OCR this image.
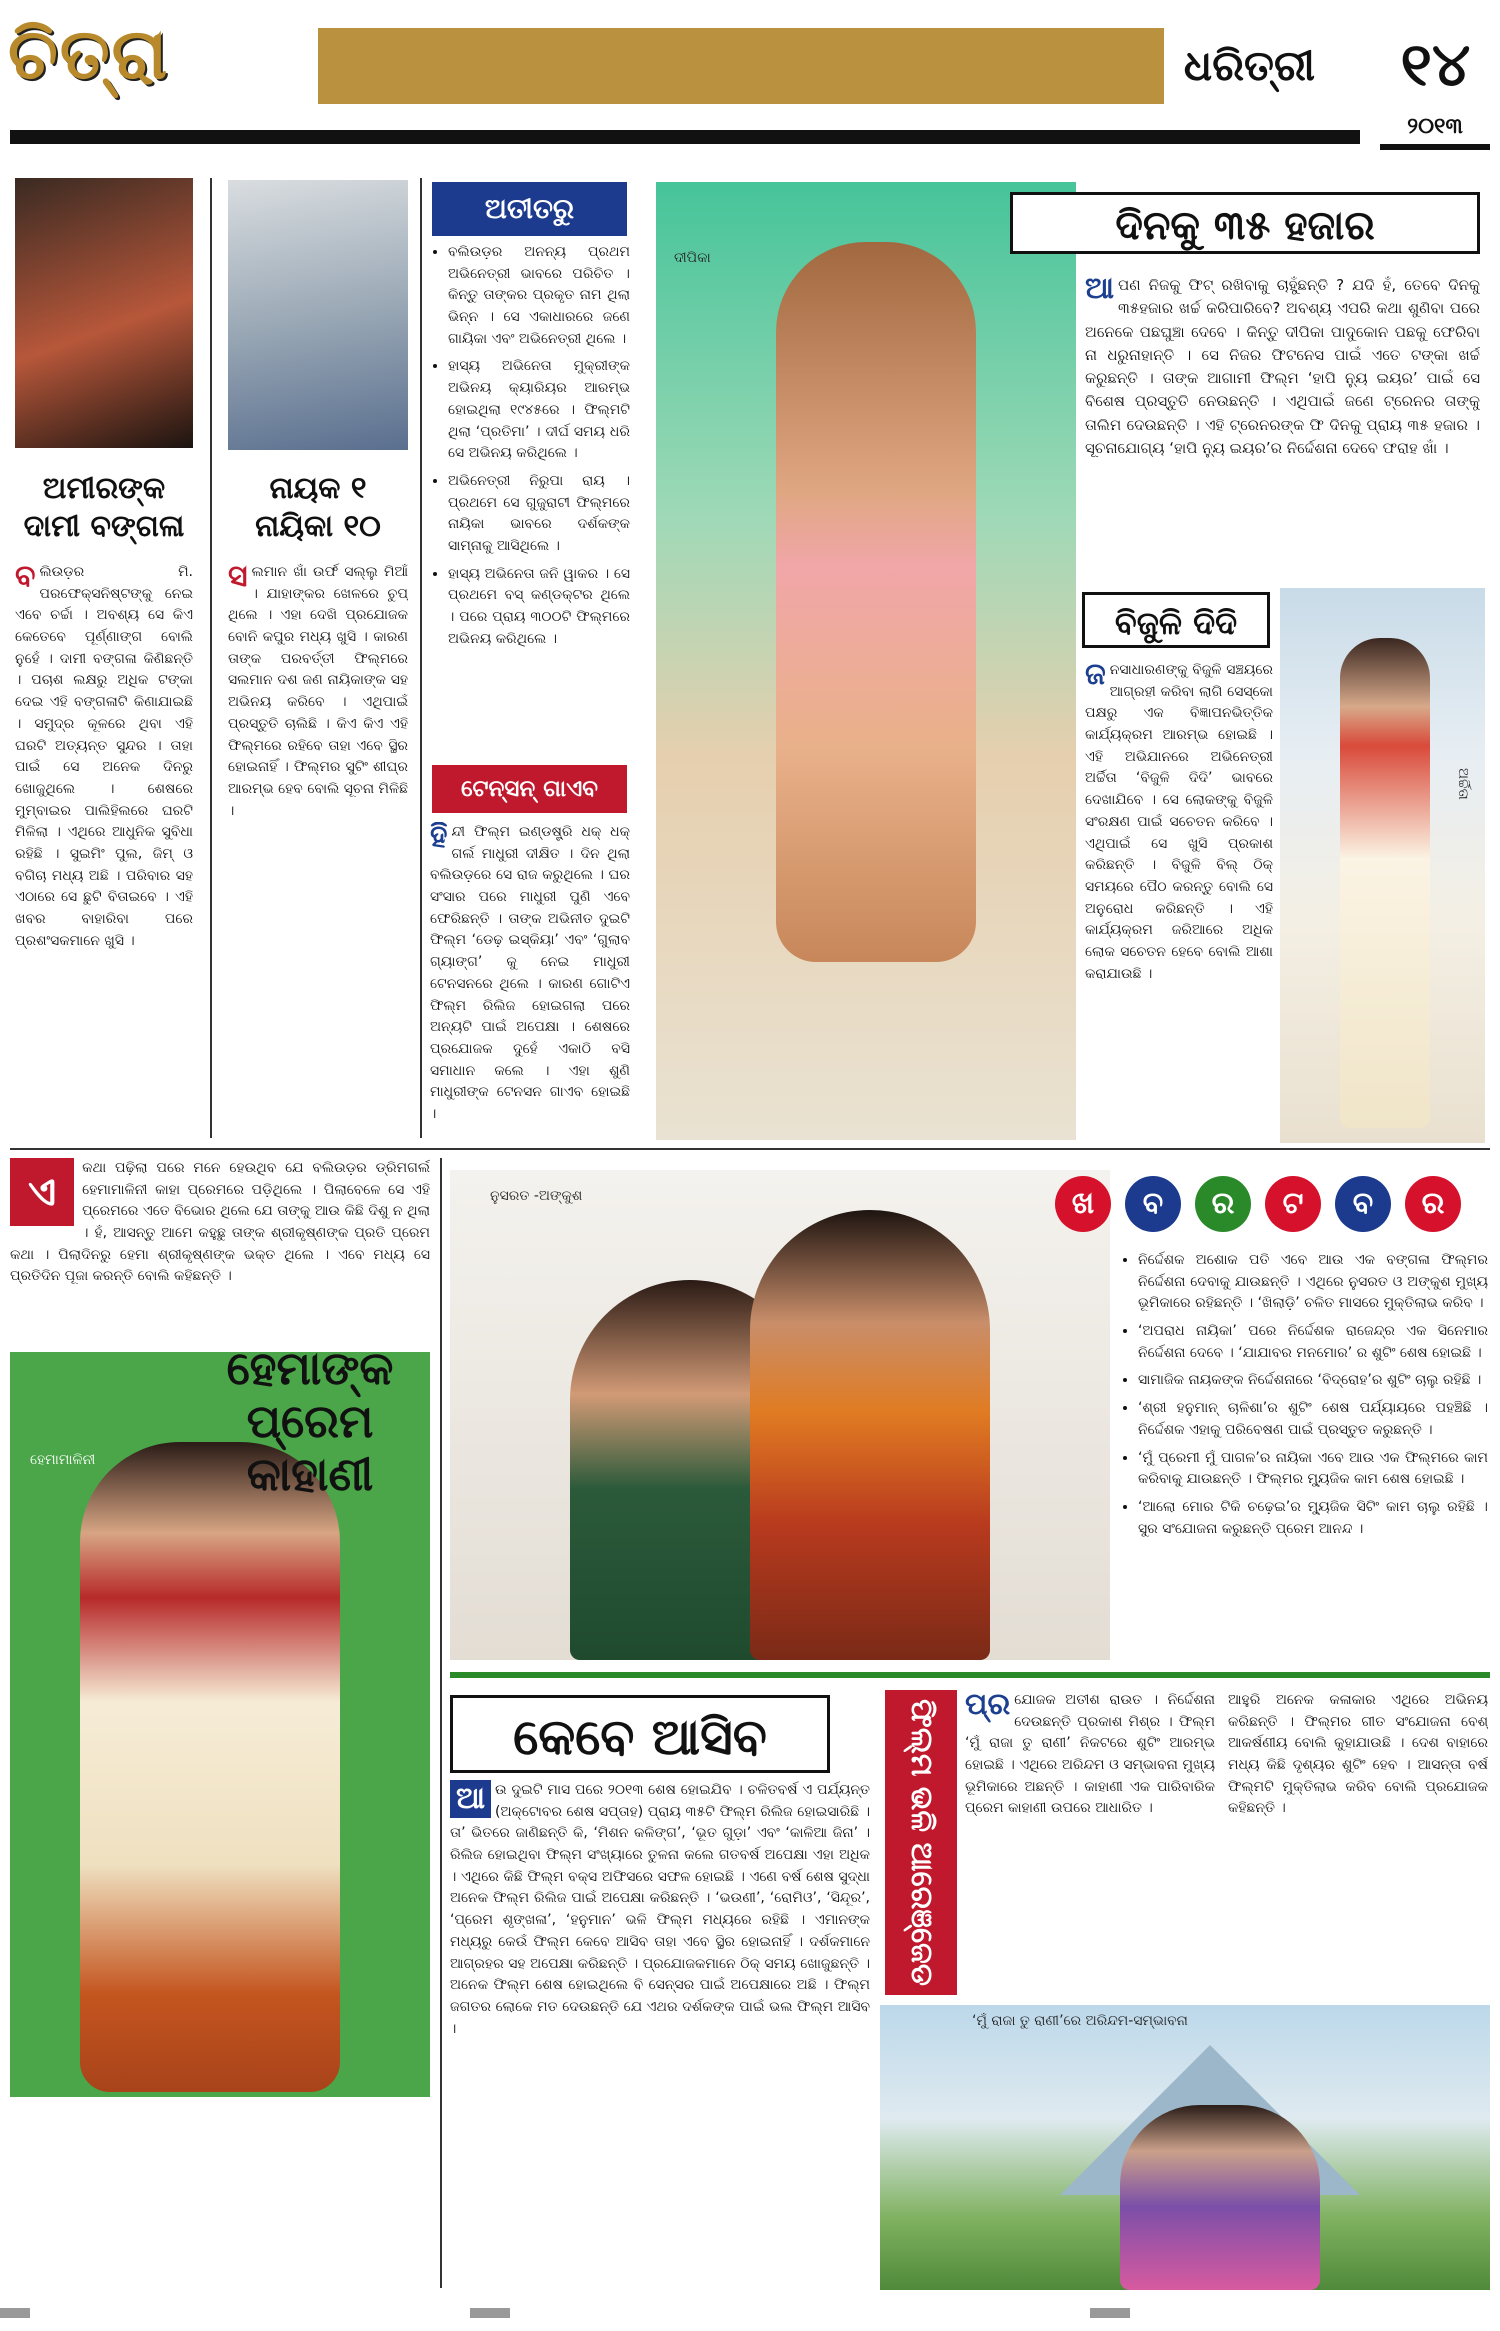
ଚିତ୍ରା	ଧରିତ୍ରୀ	୧୪
୨୦୧୩
ଅମୀରଙ୍କ ଦାମୀ ବଙ୍ଗଳା
ବ ଲିଉଡ଼ର ମି. ପରଫେକ୍ସନିଷ୍ଟଙ୍କୁ ନେଇ ଏବେ ଚର୍ଚ୍ଚା । ଅବଶ୍ୟ ସେ କିଏ କେତେବେ ପୂର୍ଣ୍ଣାଙ୍ଗ ବୋଲି ନୁହେଁ । ଦାମୀ ବଙ୍ଗଳା କିଣିଛନ୍ତି । ପଚାଶ ଲକ୍ଷରୁ ଅଧିକ ଟଙ୍କା ଦେଇ ଏହି ବଙ୍ଗଳାଟି କିଣାଯାଇଛି । ସମୁଦ୍ର କୂଳରେ ଥିବା ଏହି ଘରଟି ଅତ୍ୟନ୍ତ ସୁନ୍ଦର । ତାହା ପାଇଁ ସେ ଅନେକ ଦିନରୁ ଖୋଜୁଥିଲେ । ଶେଷରେ ମୁମ୍ବାଇର ପାଲିହିଲରେ ଘରଟି ମିଳିଲା । ଏଥିରେ ଆଧୁନିକ ସୁବିଧା ରହିଛି । ସୁଇମିଂ ପୁଲ, ଜିମ୍ ଓ ବଗିଚା ମଧ୍ୟ ଅଛି । ପରିବାର ସହ ଏଠାରେ ସେ ଛୁଟି ବିତାଇବେ । ଏହି ଖବର ବାହାରିବା ପରେ ପ୍ରଶଂସକମାନେ ଖୁସି ।
ନାୟକ ୧ ନାୟିକା ୧୦
ସ ଲମାନ ଖାଁ ଉର୍ଫ ସଲ୍ଲୁ ମିଆଁ । ଯାହାଙ୍କର ଖେଳରେ ଚୁପ୍ ଥିଲେ । ଏହା ଦେଖି ପ୍ରଯୋଜକ ବୋନି କପୁର ମଧ୍ୟ ଖୁସି । କାରଣ ତାଙ୍କ ପରବର୍ତ୍ତୀ ଫିଲ୍ମରେ ସଲମାନ ଦଶ ଜଣ ନାୟିକାଙ୍କ ସହ ଅଭିନୟ କରିବେ । ଏଥିପାଇଁ ପ୍ରସ୍ତୁତି ଚାଲିଛି । କିଏ କିଏ ଏହି ଫିଲ୍ମରେ ରହିବେ ତାହା ଏବେ ସ୍ଥିର ହୋଇନାହିଁ । ଫିଲ୍ମର ସୁଟିଂ ଶୀଘ୍ର ଆରମ୍ଭ ହେବ ବୋଲି ସୂଚନା ମିଳିଛି ।
ଅତୀତରୁ
• ବଲିଉଡ଼ର ଅନନ୍ୟ ପ୍ରଥମ ଅଭିନେତ୍ରୀ ଭାବରେ ପରିଚିତ । କିନ୍ତୁ ତାଙ୍କର ପ୍ରକୃତ ନାମ ଥିଲା ଭିନ୍ନ । ସେ ଏକାଧାରରେ ଜଣେ ଗାୟିକା ଏବଂ ଅଭିନେତ୍ରୀ ଥିଲେ ।
• ହାସ୍ୟ ଅଭିନେତା ମୁକ୍ରୀଙ୍କ ଅଭିନୟ କ୍ୟାରିୟର ଆରମ୍ଭ ହୋଇଥିଲା ୧୯୪୫ରେ । ଫିଲ୍ମଟି ଥିଲା ‘ପ୍ରତିମା’ । ଦୀର୍ଘ ସମୟ ଧରି ସେ ଅଭିନୟ କରିଥିଲେ ।
• ଅଭିନେତ୍ରୀ ନିରୁପା ରାୟ । ପ୍ରଥମେ ସେ ଗୁଜୁରାଟୀ ଫିଲ୍ମରେ ନାୟିକା ଭାବରେ ଦର୍ଶକଙ୍କ ସାମ୍ନାକୁ ଆସିଥିଲେ ।
• ହାସ୍ୟ ଅଭିନେତା ଜନି ୱାକର । ସେ ପ୍ରଥମେ ବସ୍ କଣ୍ଡକ୍ଟର ଥିଲେ । ପରେ ପ୍ରାୟ ୩୦୦ଟି ଫିଲ୍ମରେ ଅଭିନୟ କରିଥିଲେ ।
ଟେନ୍ସନ୍ ଗାଏବ
ହି ନ୍ଦୀ ଫିଲ୍ମ ଇଣ୍ଡଷ୍ଟ୍ରି ଧକ୍ ଧକ୍ ଗର୍ଲ ମାଧୁରୀ ଦୀକ୍ଷିତ । ଦିନ ଥିଲା ବଲିଉଡ଼ରେ ସେ ରାଜ କରୁଥିଲେ । ଘର ସଂସାର ପରେ ମାଧୁରୀ ପୁଣି ଏବେ ଫେରିଛନ୍ତି । ତାଙ୍କ ଅଭିନୀତ ଦୁଇଟି ଫିଲ୍ମ ‘ଡେଢ଼ ଇସ୍କିୟା’ ଏବଂ ‘ଗୁଲାବ ଗ୍ୟାଙ୍ଗ’ କୁ ନେଇ ମାଧୁରୀ ଟେନସନରେ ଥିଲେ । କାରଣ ଗୋଟିଏ ଫିଲ୍ମ ରିଲିଜ ହୋଇଗଲା ପରେ ଅନ୍ୟଟି ପାଇଁ ଅପେକ୍ଷା । ଶେଷରେ ପ୍ରଯୋଜକ ଦୁହେଁ ଏକାଠି ବସି ସମାଧାନ କଲେ । ଏହା ଶୁଣି ମାଧୁରୀଙ୍କ ଟେନସନ ଗାଏବ ହୋଇଛି ।
ଦୀପିକା
ଦିନକୁ ୩୫ ହଜାର
ଆ ପଣ ନିଜକୁ ଫିଟ୍ ରଖିବାକୁ ଚାହୁଁଛନ୍ତି ? ଯଦି ହଁ, ତେବେ ଦିନକୁ ୩୫ହଜାର ଖର୍ଚ୍ଚ କରିପାରିବେ? ଅବଶ୍ୟ ଏପରି କଥା ଶୁଣିବା ପରେ ଅନେକେ ପଛଘୁଞ୍ଚା ଦେବେ । କିନ୍ତୁ ଦୀପିକା ପାଦୁକୋନ ପଛକୁ ଫେରିବା ନା ଧରୁନାହାନ୍ତି । ସେ ନିଜର ଫିଟନେସ ପାଇଁ ଏତେ ଟଙ୍କା ଖର୍ଚ୍ଚ କରୁଛନ୍ତି । ତାଙ୍କ ଆଗାମୀ ଫିଲ୍ମ ‘ହାପି ନ୍ୟୁ ଇୟର’ ପାଇଁ ସେ ବିଶେଷ ପ୍ରସ୍ତୁତି ନେଉଛନ୍ତି । ଏଥିପାଇଁ ଜଣେ ଟ୍ରେନର ତାଙ୍କୁ ତାଲିମ ଦେଉଛନ୍ତି । ଏହି ଟ୍ରେନରଙ୍କ ଫି ଦିନକୁ ପ୍ରାୟ ୩୫ ହଜାର । ସୂଚନାଯୋଗ୍ୟ ‘ହାପି ନ୍ୟୁ ଇୟର’ର ନିର୍ଦ୍ଦେଶନା ଦେବେ ଫରାହ ଖାଁ ।
ବିଜୁଳି ଦିଦି
ଅର୍ଚ୍ଚିତା
ଜ ନସାଧାରଣଙ୍କୁ ବିଜୁଳି ସଞ୍ଚୟରେ ଆଗ୍ରହୀ କରିବା ଲାଗି ସେସ୍କୋ ପକ୍ଷରୁ ଏକ ବିଜ୍ଞାପନଭିତ୍ତିକ କାର୍ଯ୍ୟକ୍ରମ ଆରମ୍ଭ ହୋଇଛି । ଏହି ଅଭିଯାନରେ ଅଭିନେତ୍ରୀ ଅର୍ଚ୍ଚିତା ‘ବିଜୁଳି ଦିଦି’ ଭାବରେ ଦେଖାଯିବେ । ସେ ଲୋକଙ୍କୁ ବିଜୁଳି ସଂରକ୍ଷଣ ପାଇଁ ସଚେତନ କରିବେ । ଏଥିପାଇଁ ସେ ଖୁସି ପ୍ରକାଶ କରିଛନ୍ତି । ବିଜୁଳି ବିଲ୍ ଠିକ୍ ସମୟରେ ପୈଠ କରନ୍ତୁ ବୋଲି ସେ ଅନୁରୋଧ କରିଛନ୍ତି । ଏହି କାର୍ଯ୍ୟକ୍ରମ ଜରିଆରେ ଅଧିକ ଲୋକ ସଚେତନ ହେବେ ବୋଲି ଆଶା କରାଯାଉଛି ।
ଏ
କଥା ପଢ଼ିଲା ପରେ ମନେ ହେଉଥିବ ଯେ ବଲିଉଡ଼ର ଡ୍ରିମଗର୍ଲ ହେମାମାଳିନୀ କାହା ପ୍ରେମରେ ପଡ଼ିଥିଲେ । ପିଲାବେଳେ ସେ ଏହି ପ୍ରେମରେ ଏତେ ବିଭୋର ଥିଲେ ଯେ ତାଙ୍କୁ ଆଉ କିଛି ଦିଶୁ ନ ଥିଲା । ହଁ, ଆସନ୍ତୁ ଆମେ କହୁଛୁ ତାଙ୍କ ଶ୍ରୀକୃଷ୍ଣଙ୍କ ପ୍ରତି ପ୍ରେମ କଥା । ପିଲାଦିନରୁ ହେମା ଶ୍ରୀକୃଷ୍ଣଙ୍କ ଭକ୍ତ ଥିଲେ । ଏବେ ମଧ୍ୟ ସେ ପ୍ରତିଦିନ ପୂଜା କରନ୍ତି ବୋଲି କହିଛନ୍ତି ।
ହେମାମାଳିନୀ
ହେମାଙ୍କ ପ୍ରେମ କାହାଣୀ
ନୁସରତ -ଅଙ୍କୁଶ	ଖ ବ ର ଟ ବ ର
• ନିର୍ଦ୍ଦେଶକ ଅଶୋକ ପତି ଏବେ ଆଉ ଏକ ବଙ୍ଗଳା ଫିଲ୍ମର ନିର୍ଦ୍ଦେଶନା ଦେବାକୁ ଯାଉଛନ୍ତି । ଏଥିରେ ନୁସରତ ଓ ଅଙ୍କୁଶ ମୁଖ୍ୟ ଭୂମିକାରେ ରହିଛନ୍ତି । ‘ଖିଲାଡ଼ି’ ଚଳିତ ମାସରେ ମୁକ୍ତିଲାଭ କରିବ ।
• ‘ଅପରାଧ ନାୟିକା’ ପରେ ନିର୍ଦ୍ଦେଶକ ରାଜେନ୍ଦ୍ର ଏକ ସିନେମାର ନିର୍ଦ୍ଦେଶନା ଦେବେ । ‘ଯାଯାବର ମନମୋର’ ର ଶୁଟିଂ ଶେଷ ହୋଇଛି ।
• ସାମାଜିକ ନାୟକଙ୍କ ନିର୍ଦ୍ଦେଶନାରେ ‘ବିଦ୍ରୋହ’ର ଶୁଟିଂ ଚାଲୁ ରହିଛି ।
• ‘ଶ୍ରୀ ହନୁମାନ୍ ଚାଳିଶା’ର ଶୁଟିଂ ଶେଷ ପର୍ଯ୍ୟାୟରେ ପହଞ୍ଚିଛି । ନିର୍ଦ୍ଦେଶକ ଏହାକୁ ପରିବେଷଣ ପାଇଁ ପ୍ରସ୍ତୁତ କରୁଛନ୍ତି ।
• ‘ମୁଁ ପ୍ରେମୀ ମୁଁ ପାଗଳ’ର ନାୟିକା ଏବେ ଆଉ ଏକ ଫିଲ୍ମରେ କାମ କରିବାକୁ ଯାଉଛନ୍ତି । ଫିଲ୍ମର ମ୍ୟୁଜିକ କାମ ଶେଷ ହୋଇଛି ।
• ‘ଆଲୋ ମୋର ଟିକି ଚଢ଼େଇ’ର ମ୍ୟୁଜିକ ସିଟିଂ କାମ ଚାଲୁ ରହିଛି । ସୁର ସଂଯୋଜନା କରୁଛନ୍ତି ପ୍ରେମ ଆନନ୍ଦ ।
କେବେ ଆସିବ
ଆ ଉ ଦୁଇଟି ମାସ ପରେ ୨୦୧୩ ଶେଷ ହୋଇଯିବ । ଚଳିତବର୍ଷ ଏ ପର୍ଯ୍ୟନ୍ତ (ଅକ୍ଟୋବର ଶେଷ ସପ୍ତାହ) ପ୍ରାୟ ୩୫ଟି ଫିଲ୍ମ ରିଲିଜ ହୋଇସାରିଛି । ତା’ ଭିତରେ ଜାଣିଛନ୍ତି କି, ‘ମିଶନ କଳିଙ୍ଗ’, ‘ଭୂତ ଗୁଡ଼ା’ ଏବଂ ‘କାଳିଆ ଜିନା’ । ରିଲିଜ ହୋଇଥିବା ଫିଲ୍ମ ସଂଖ୍ୟାରେ ତୁଳନା କଲେ ଗତବର୍ଷ ଅପେକ୍ଷା ଏହା ଅଧିକ । ଏଥିରେ କିଛି ଫିଲ୍ମ ବକ୍ସ ଅଫିସରେ ସଫଳ ହୋଇଛି । ଏଣେ ବର୍ଷ ଶେଷ ସୁଦ୍ଧା ଅନେକ ଫିଲ୍ମ ରିଲିଜ ପାଇଁ ଅପେକ୍ଷା କରିଛନ୍ତି । ‘ଭଉଣୀ’, ‘ରୋମିଓ’, ‘ସିନ୍ଦୂର’, ‘ପ୍ରେମ ଶୃଙ୍ଖଳା’, ‘ହନୁମାନ’ ଭଳି ଫିଲ୍ମ ମଧ୍ୟରେ ରହିଛି । ଏମାନଙ୍କ ମଧ୍ୟରୁ କେଉଁ ଫିଲ୍ମ କେବେ ଆସିବ ତାହା ଏବେ ସ୍ଥିର ହୋଇନାହିଁ । ଦର୍ଶକମାନେ ଆଗ୍ରହର ସହ ଅପେକ୍ଷା କରିଛନ୍ତି । ପ୍ରଯୋଜକମାନେ ଠିକ୍ ସମୟ ଖୋଜୁଛନ୍ତି । ଅନେକ ଫିଲ୍ମ ଶେଷ ହୋଇଥିଲେ ବି ସେନ୍ସର ପାଇଁ ଅପେକ୍ଷାରେ ଅଛି । ଫିଲ୍ମ ଜଗତର ଲୋକେ ମତ ଦେଉଛନ୍ତି ଯେ ଏଥର ଦର୍ଶକଙ୍କ ପାଇଁ ଭଲ ଫିଲ୍ମ ଆସିବ ।
ଫିଲ୍ମ ଭଳି ଆରେଞ୍ଜେଡ ପ୍ର ଯୋଜକ ଅତୀଶ ରାଉତ । ନିର୍ଦ୍ଦେଶନା ଦେଉଛନ୍ତି ପ୍ରକାଶ ମିଶ୍ର । ଫିଲ୍ମ ‘ମୁଁ ରାଜା ତୁ ରାଣୀ’ ନିକଟରେ ଶୁଟିଂ ଆରମ୍ଭ ହୋଇଛି । ଏଥିରେ ଅରିନ୍ଦମ ଓ ସମ୍ଭାବନା ମୁଖ୍ୟ ଭୂମିକାରେ ଅଛନ୍ତି । କାହାଣୀ ଏକ ପାରିବାରିକ ପ୍ରେମ କାହାଣୀ ଉପରେ ଆଧାରିତ ।
ଆହୁରି ଅନେକ କଳାକାର ଏଥିରେ ଅଭିନୟ କରିଛନ୍ତି । ଫିଲ୍ମର ଗୀତ ସଂଯୋଜନା ବେଶ୍ ଆକର୍ଷଣୀୟ ବୋଲି କୁହାଯାଉଛି । ଦେଶ ବାହାରେ ମଧ୍ୟ କିଛି ଦୃଶ୍ୟର ଶୁଟିଂ ହେବ । ଆସନ୍ତା ବର୍ଷ ଫିଲ୍ମଟି ମୁକ୍ତିଲାଭ କରିବ ବୋଲି ପ୍ରଯୋଜକ କହିଛନ୍ତି ।
‘ମୁଁ ରାଜା ତୁ ରାଣୀ’ରେ ଅରିନ୍ଦମ-ସମ୍ଭାବନା
